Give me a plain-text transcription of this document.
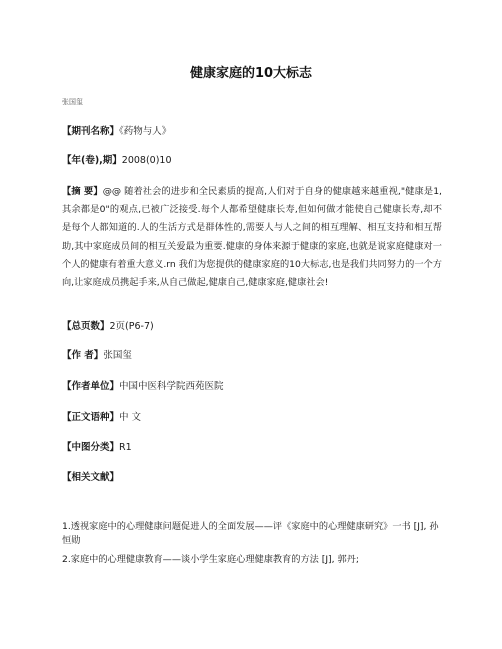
健康家庭的10大标志
张国玺
【期刊名称】《药物与人》
【年(卷),期】2008(0)10
【摘 要】@@ 随着社会的进步和全民素质的提高,人们对于自身的健康越来越重视,"健康是1,其余都是0"的观点,已被广泛接受.每个人都希望健康长寿,但如何做才能使自己健康长寿,却不是每个人都知道的.人的生活方式是群体性的,需要人与人之间的相互理解、相互支持和相互帮助,其中家庭成员间的相互关爱最为重要.健康的身体来源于健康的家庭,也就是说家庭健康对一个人的健康有着重大意义.rn 我们为您提供的健康家庭的10大标志,也是我们共同努力的一个方向,让家庭成员携起手来,从自己做起,健康自己,健康家庭,健康社会!
【总页数】2页(P6-7)
【作 者】张国玺
【作者单位】中国中医科学院西苑医院
【正文语种】中 文
【中图分类】R1
【相关文献】
1.透视家庭中的心理健康问题促进人的全面发展——评《家庭中的心理健康研究》一书 [J], 孙恒勋
2.家庭中的心理健康教育——谈小学生家庭心理健康教育的方法 [J], 郭丹;
